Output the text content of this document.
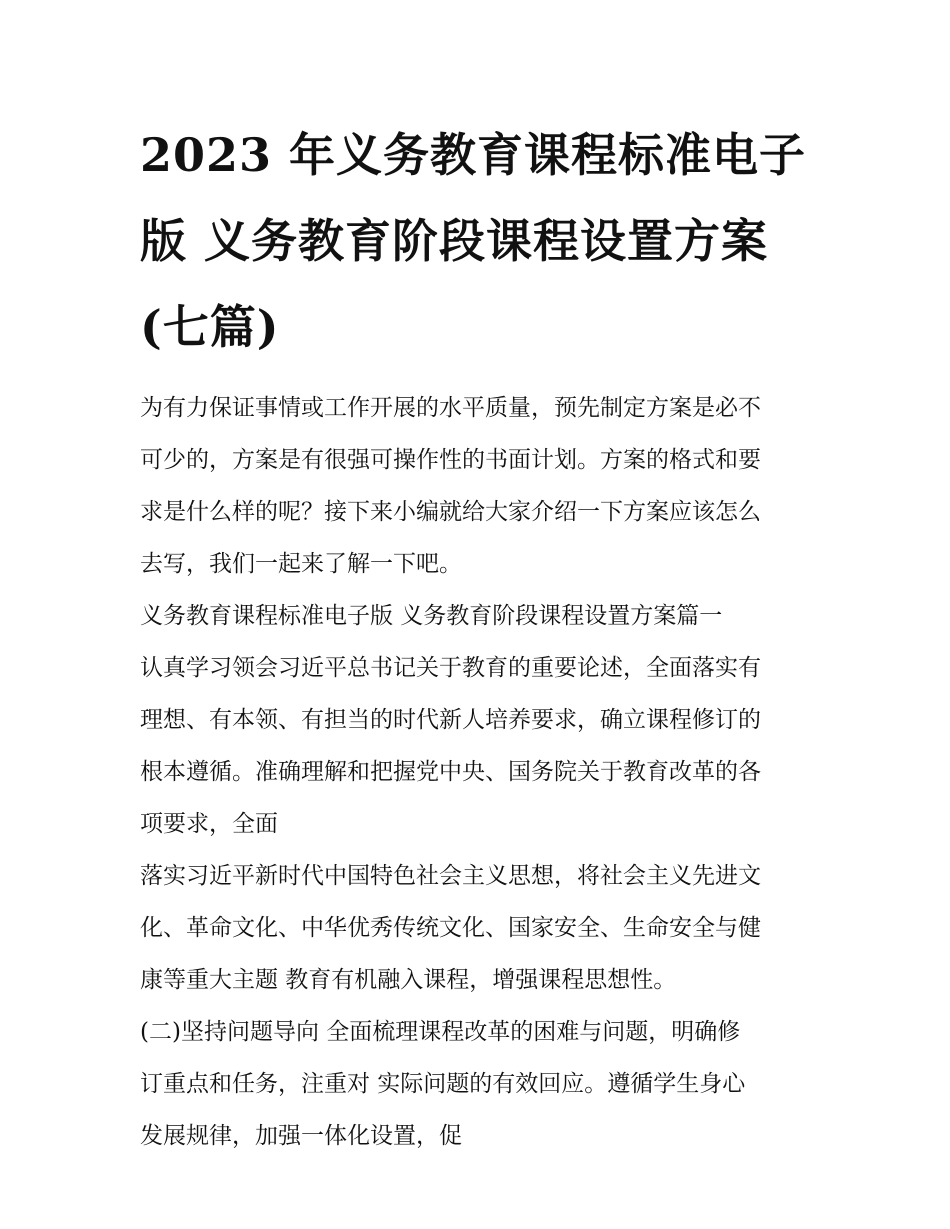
2023 年义务教育课程标准电子
版 义务教育阶段课程设置方案
(七篇)

为有力保证事情或工作开展的水平质量，预先制定方案是必不
可少的，方案是有很强可操作性的书面计划。方案的格式和要
求是什么样的呢？接下来小编就给大家介绍一下方案应该怎么
去写，我们一起来了解一下吧。

义务教育课程标准电子版 义务教育阶段课程设置方案篇一

认真学习领会习近平总书记关于教育的重要论述，全面落实有
理想、有本领、有担当的时代新人培养要求，确立课程修订的
根本遵循。准确理解和把握党中央、国务院关于教育改革的各
项要求，全面

落实习近平新时代中国特色社会主义思想，将社会主义先进文
化、革命文化、中华优秀传统文化、国家安全、生命安全与健
康等重大主题 教育有机融入课程，增强课程思想性。

(二)坚持问题导向 全面梳理课程改革的困难与问题，明确修
订重点和任务，注重对 实际问题的有效回应。遵循学生身心
发展规律，加强一体化设置，促
